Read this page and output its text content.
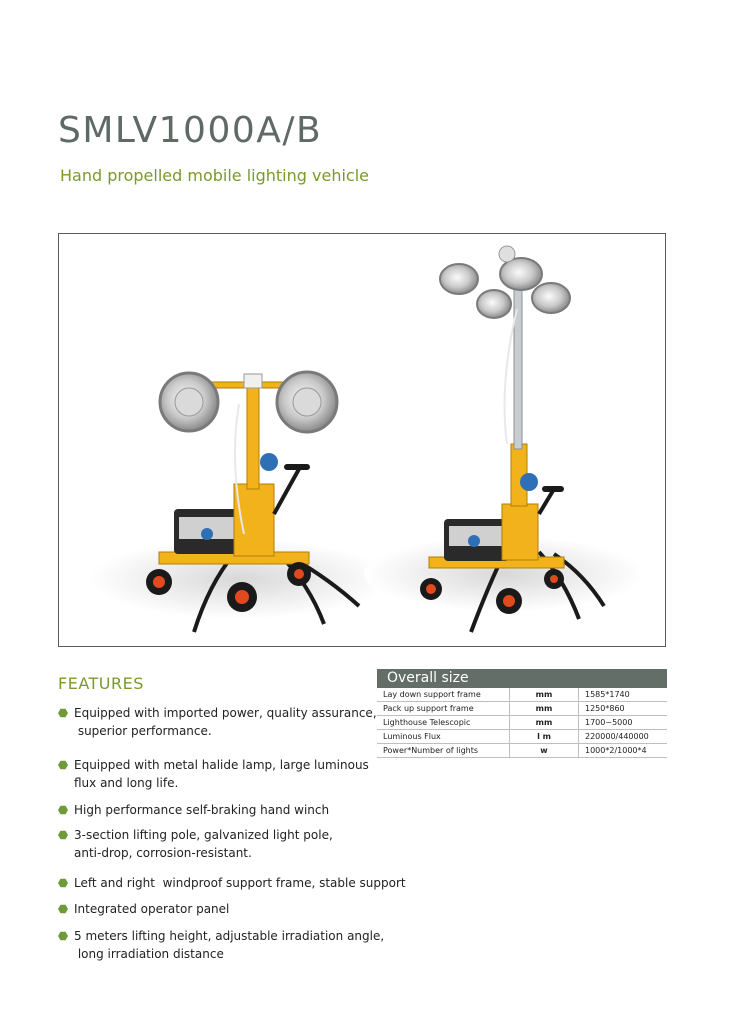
SMLV1000A/B
Hand propelled mobile lighting vehicle
FEATURES
Equipped with imported power, quality assurance,
superior performance.
Equipped with metal halide lamp, large luminous
flux and long life.
High performance self-braking hand winch
3-section lifting pole, galvanized light pole,
anti-drop, corrosion-resistant.
Left and right  windproof support frame, stable support
Integrated operator panel
5 meters lifting height, adjustable irradiation angle,
long irradiation distance
Overall size
Lay down support frame	mm	1585*1740
Pack up support frame	mm	1250*860
Lighthouse Telescopic	mm	1700~5000
Luminous Flux	l m	220000/440000
Power*Number of lights	w	1000*2/1000*4
